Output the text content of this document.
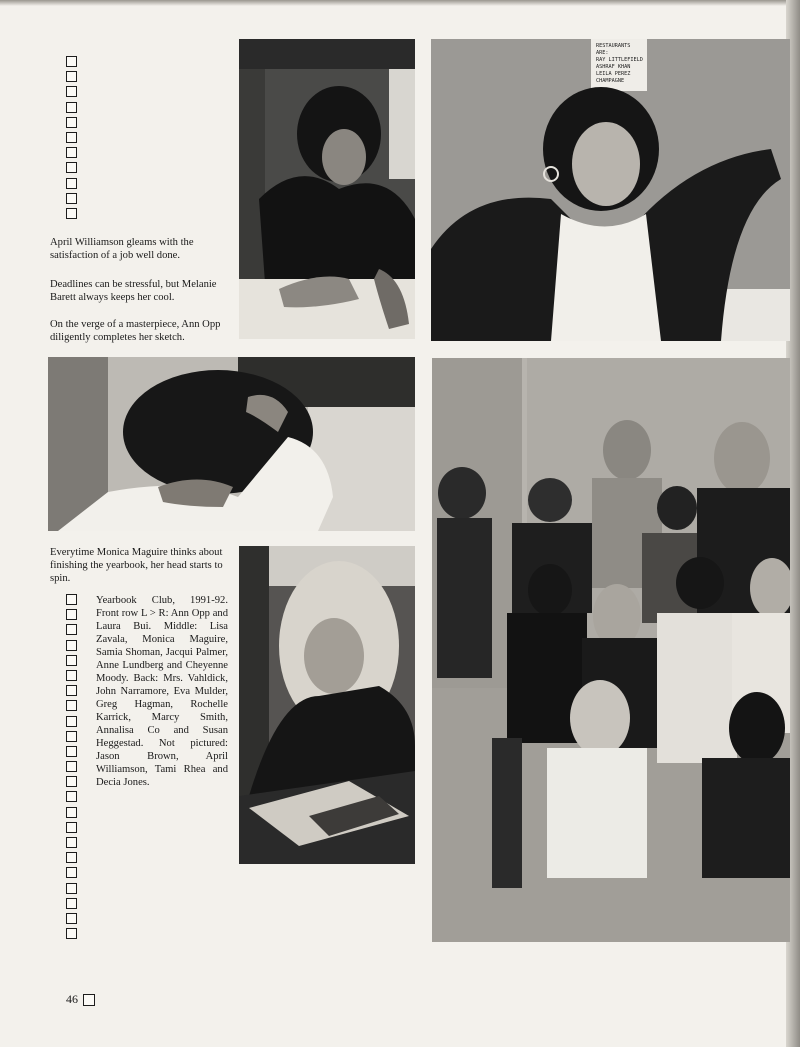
April Williamson gleams with the satisfaction of a job well done.

Deadlines can be stressful, but Melanie Barett always keeps her cool.

On the verge of a masterpiece, Ann Opp diligently completes her sketch.

RESTAURANTS ARE:
RAY LITTLEFIELD
ASHRAF KHAN
LEILA PEREZ
CHAMPAGNE

Everytime Monica Maguire thinks about finishing the yearbook, her head starts to spin.

Yearbook Club, 1991-92. Front row L > R: Ann Opp and Laura Bui. Middle: Lisa Zavala, Monica Maguire, Samia Shoman, Jacqui Palmer, Anne Lundberg and Cheyenne Moody. Back: Mrs. Vahldick, John Narramore, Eva Mulder, Greg Hagman, Rochelle Karrick, Marcy Smith, Annalisa Co and Susan Heggestad. Not pictured: Jason Brown, April Williamson, Tami Rhea and Decia Jones.

46
